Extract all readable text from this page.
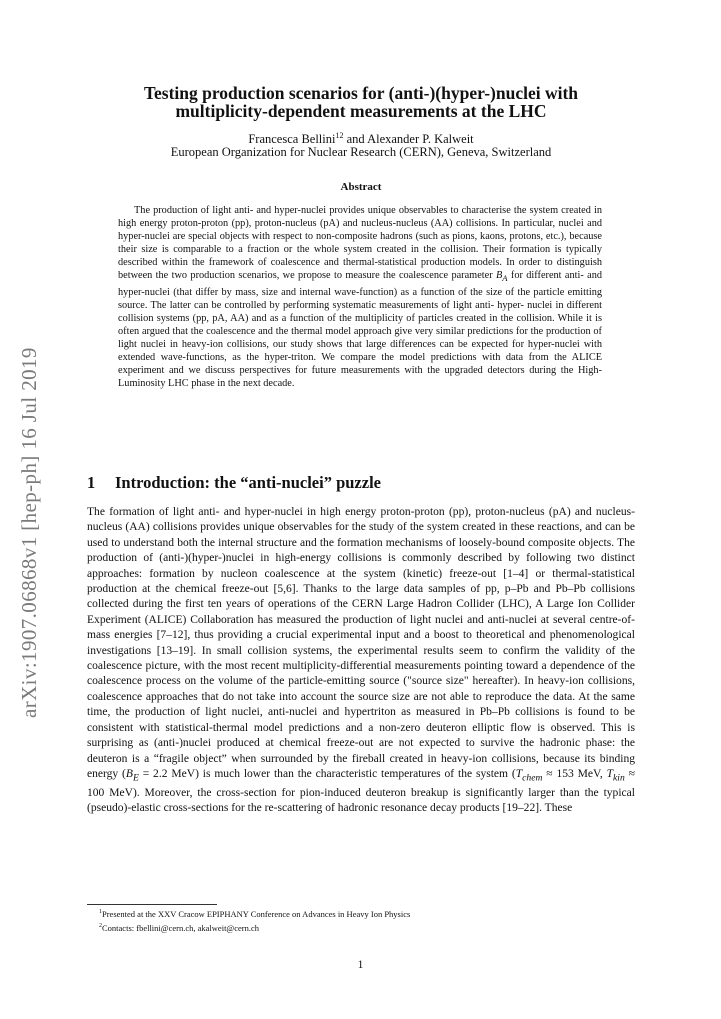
arXiv:1907.06868v1 [hep-ph] 16 Jul 2019
Testing production scenarios for (anti-)(hyper-)nuclei with
multiplicity-dependent measurements at the LHC
Francesca Bellini$^{12}$ and Alexander P. Kalweit
European Organization for Nuclear Research (CERN), Geneva, Switzerland
Abstract
The production of light anti- and hyper-nuclei provides unique observables to characterise the system created in high energy proton-proton (pp), proton-nucleus (pA) and nucleus-nucleus (AA) collisions. In particular, nuclei and hyper-nuclei are special objects with respect to non-composite hadrons (such as pions, kaons, protons, etc.), because their size is comparable to a fraction or the whole system created in the collision. Their formation is typically described within the framework of coalescence and thermal-statistical production models. In order to distinguish between the two production scenarios, we propose to measure the coalescence parameter $B_A$ for different anti- and hyper-nuclei (that differ by mass, size and internal wave-function) as a function of the size of the particle emitting source. The latter can be controlled by performing systematic measurements of light anti- hyper- nuclei in different collision systems (pp, pA, AA) and as a function of the multiplicity of particles created in the collision. While it is often argued that the coalescence and the thermal model approach give very similar predictions for the production of light nuclei in heavy-ion collisions, our study shows that large differences can be expected for hyper-nuclei with extended wave-functions, as the hyper-triton. We compare the model predictions with data from the ALICE experiment and we discuss perspectives for future measurements with the upgraded detectors during the High-Luminosity LHC phase in the next decade.
1 Introduction: the “anti-nuclei” puzzle
The formation of light anti- and hyper-nuclei in high energy proton-proton (pp), proton-nucleus (pA) and nucleus-nucleus (AA) collisions provides unique observables for the study of the system created in these reactions, and can be used to understand both the internal structure and the formation mechanisms of loosely-bound composite objects. The production of (anti-)(hyper-)nuclei in high-energy collisions is commonly described by following two distinct approaches: formation by nucleon coalescence at the system (kinetic) freeze-out [1–4] or thermal-statistical production at the chemical freeze-out [5,6]. Thanks to the large data samples of pp, p–Pb and Pb–Pb collisions collected during the first ten years of operations of the CERN Large Hadron Collider (LHC), A Large Ion Collider Experiment (ALICE) Collaboration has measured the production of light nuclei and anti-nuclei at several centre-of-mass energies [7–12], thus providing a crucial experimental input and a boost to theoretical and phenomenological investigations [13–19]. In small collision systems, the experimental results seem to confirm the validity of the coalescence picture, with the most recent multiplicity-differential measurements pointing toward a dependence of the coalescence process on the volume of the particle-emitting source ("source size" hereafter). In heavy-ion collisions, coalescence approaches that do not take into account the source size are not able to reproduce the data. At the same time, the production of light nuclei, anti-nuclei and hypertriton as measured in Pb–Pb collisions is found to be consistent with statistical-thermal model predictions and a non-zero deuteron elliptic flow is observed. This is surprising as (anti-)nuclei produced at chemical freeze-out are not expected to survive the hadronic phase: the deuteron is a “fragile object” when surrounded by the fireball created in heavy-ion collisions, because its binding energy ($B_E = 2.2$ MeV) is much lower than the characteristic temperatures of the system ($T_{chem} \approx 153$ MeV, $T_{kin} \approx 100$ MeV). Moreover, the cross-section for pion-induced deuteron breakup is significantly larger than the typical (pseudo)-elastic cross-sections for the re-scattering of hadronic resonance decay products [19–22]. These
$^1$Presented at the XXV Cracow EPIPHANY Conference on Advances in Heavy Ion Physics
$^2$Contacts: fbellini@cern.ch, akalweit@cern.ch
1
